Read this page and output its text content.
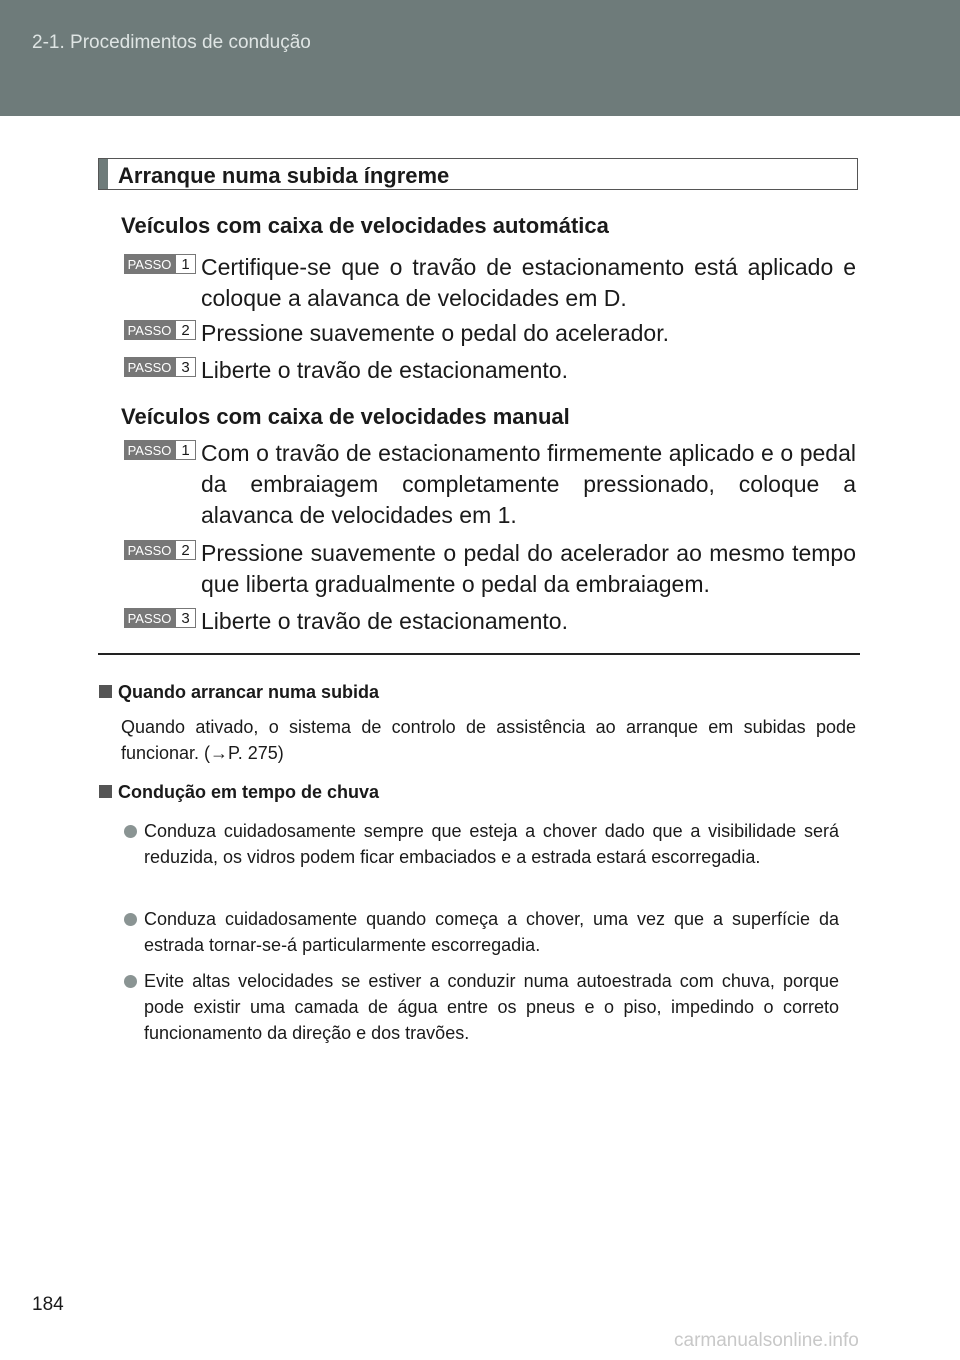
2-1. Procedimentos de condução
Arranque numa subida íngreme
Veículos com caixa de velocidades automática
PASSO 1 Certifique-se que o travão de estacionamento está aplicado e coloque a alavanca de velocidades em D.
PASSO 2 Pressione suavemente o pedal do acelerador.
PASSO 3 Liberte o travão de estacionamento.
Veículos com caixa de velocidades manual
PASSO 1 Com o travão de estacionamento firmemente aplicado e o pedal da embraiagem completamente pressionado, coloque a alavanca de velocidades em 1.
PASSO 2 Pressione suavemente o pedal do acelerador ao mesmo tempo que liberta gradualmente o pedal da embraiagem.
PASSO 3 Liberte o travão de estacionamento.
Quando arrancar numa subida
Quando ativado, o sistema de controlo de assistência ao arranque em subidas pode funcionar. (→P. 275)
Condução em tempo de chuva
Conduza cuidadosamente sempre que esteja a chover dado que a visibilidade será reduzida, os vidros podem ficar embaciados e a estrada estará escorregadia.
Conduza cuidadosamente quando começa a chover, uma vez que a superfície da estrada tornar-se-á particularmente escorregadia.
Evite altas velocidades se estiver a conduzir numa autoestrada com chuva, porque pode existir uma camada de água entre os pneus e o piso, impedindo o correto funcionamento da direção e dos travões.
184
carmanualsonline.info
